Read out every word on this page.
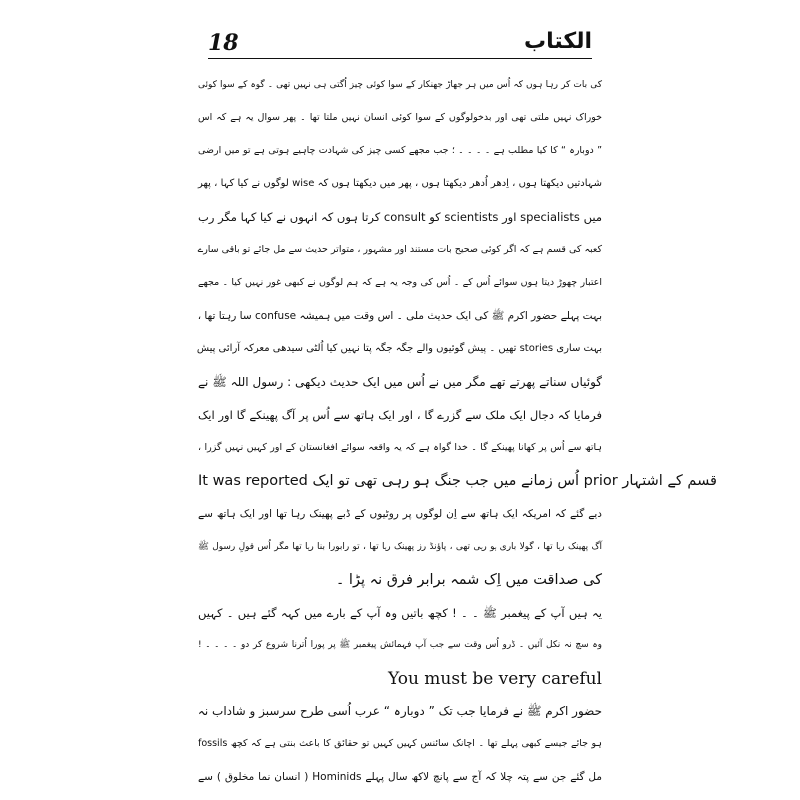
18	الکتاب
کی بات کر رہا ہوں کہ اُس میں ہر جھاڑ جھنکار کے سوا کوئی چیز اُگتی ہی نہیں تھی ۔ گوہ کے سوا کوئی
خوراک نہیں ملتی تھی اور بدخولوگوں کے سوا کوئی انسان نہیں ملتا تھا ۔ پھر سوال یہ ہے کہ اس
” دوبارہ “ کا کیا مطلب ہے ۔ ۔ ۔ ۔ ؛ جب مجھے کسی چیز کی شہادت چاہیے ہوتی ہے تو میں ارضی
شہادتیں دیکھتا ہوں ، اِدھر اُدھر دیکھتا ہوں ، پھر میں دیکھتا ہوں کہ wise لوگوں نے کیا کہا ، پھر
میں specialists اور scientists کو consult کرتا ہوں کہ انہوں نے کیا کہا مگر رب
کعبہ کی قسم ہے کہ اگر کوئی صحیح بات مستند اور مشہور ، متواتر حدیث سے مل جائے تو باقی سارے
اعتبار چھوڑ دیتا ہوں سوائے اُس کے ۔ اُس کی وجہ یہ ہے کہ ہم لوگوں نے کبھی غور نہیں کیا ۔ مجھے
بہت پہلے حضور اکرم ﷺ کی ایک حدیث ملی ۔ اس وقت میں ہمیشہ confuse سا رہتا تھا ،
بہت ساری stories تھیں ۔ پیش گوئیوں والے جگہ جگہ پتا نہیں کیا اُلٹی سیدھی معرکہ آرائی پیش
گوئیاں سناتے پھرتے تھے مگر میں نے اُس میں ایک حدیث دیکھی : رسول اللہ ﷺ نے
فرمایا کہ دجال ایک ملک سے گزرے گا ، اور ایک ہاتھ سے اُس پر آگ پھینکے گا اور ایک
ہاتھ سے اُس پر کھانا پھینکے گا ۔ خدا گواہ ہے کہ یہ واقعہ سوائے افغانستان کے اور کہیں نہیں گزرا ،
It was reported اُس زمانے میں جب جنگ ہو رہی تھی تو ایک prior قسم کے اشتہار
دیے گئے کہ امریکہ ایک ہاتھ سے اِن لوگوں پر روٹیوں کے ڈبے پھینک رہا تھا اور ایک ہاتھ سے
آگ پھینک رہا تھا ، گولا باری ہو رہی تھی ، پاؤنڈ رز پھینک رہا تھا ، تو رابورا بنا رہا تھا مگر اُس قولِ رسول ﷺ
کی صداقت میں اِک شمہ برابر فرق نہ پڑا ۔
یہ ہیں آپ کے پیغمبر ﷺ ۔ ۔ ! کچھ باتیں وہ آپ کے بارے میں کہہ گئے ہیں ۔ کہیں
وہ سچ نہ نکل آئیں ۔ ڈرو اُس وقت سے جب آپ فہمائش پیغمبر ﷺ پر پورا اُترنا شروع کر دو ۔ ۔ ۔ ۔ !
You must be very careful
حضور اکرم ﷺ نے فرمایا جب تک ” دوبارہ “ عرب اُسی طرح سرسبز و شاداب نہ
ہو جائے جیسے کبھی پہلے تھا ۔ اچانک سائنس کہیں کہیں تو حقائق کا باعث بنتی ہے کہ کچھ fossils
مل گئے جن سے پتہ چلا کہ آج سے پانچ لاکھ سال پہلے Hominids ( انسان نما مخلوق ) سے
